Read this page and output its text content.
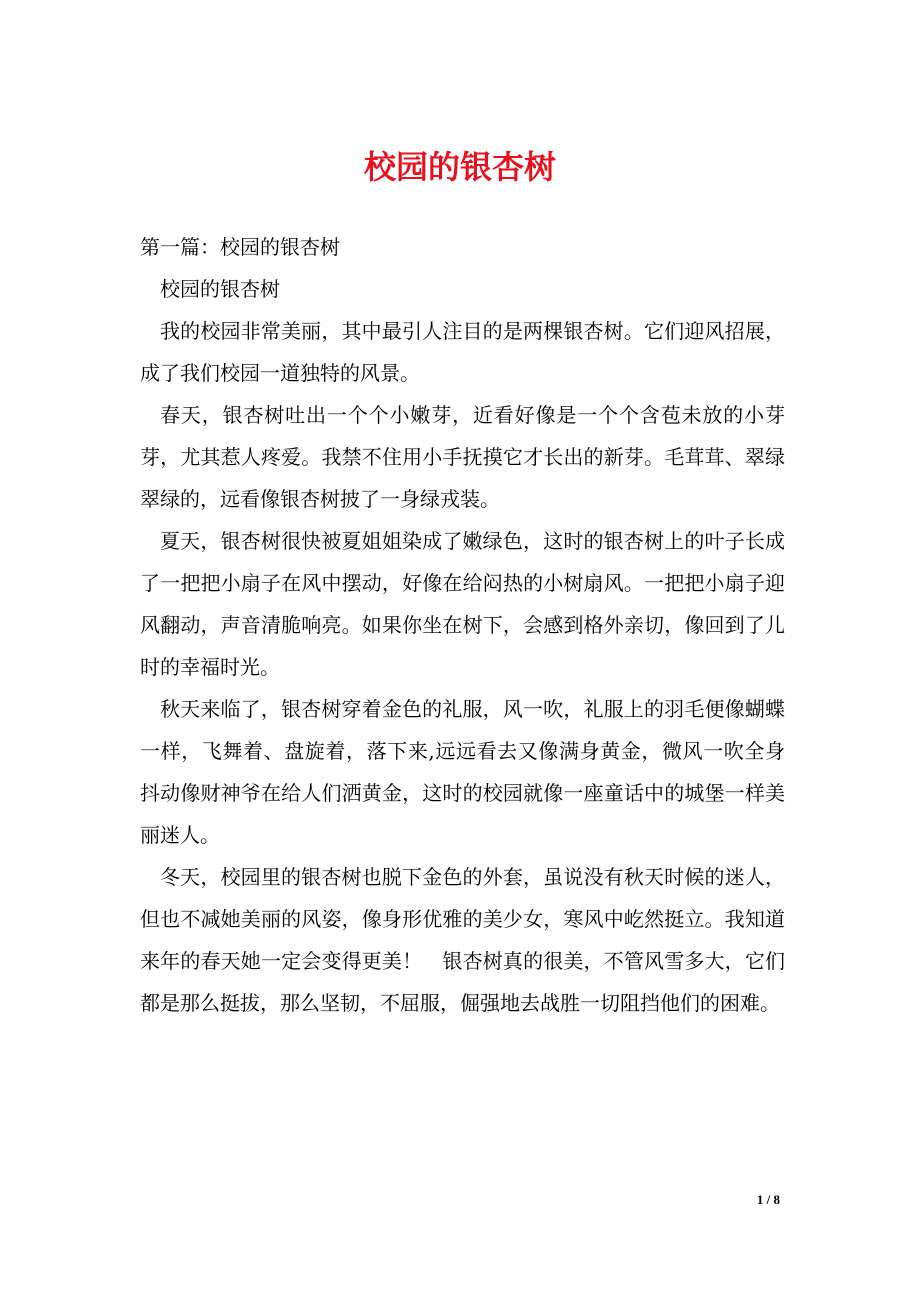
校园的银杏树

第一篇：校园的银杏树

校园的银杏树

我的校园非常美丽，其中最引人注目的是两棵银杏树。它们迎风招展，成了我们校园一道独特的风景。

春天，银杏树吐出一个个小嫩芽，近看好像是一个个含苞未放的小芽芽，尤其惹人疼爱。我禁不住用小手抚摸它才长出的新芽。毛茸茸、翠绿翠绿的，远看像银杏树披了一身绿戎装。

夏天，银杏树很快被夏姐姐染成了嫩绿色，这时的银杏树上的叶子长成了一把把小扇子在风中摆动，好像在给闷热的小树扇风。一把把小扇子迎风翻动，声音清脆响亮。如果你坐在树下，会感到格外亲切，像回到了儿时的幸福时光。

秋天来临了，银杏树穿着金色的礼服，风一吹，礼服上的羽毛便像蝴蝶一样，飞舞着、盘旋着，落下来,远远看去又像满身黄金，微风一吹全身抖动像财神爷在给人们洒黄金，这时的校园就像一座童话中的城堡一样美丽迷人。

冬天，校园里的银杏树也脱下金色的外套，虽说没有秋天时候的迷人，但也不减她美丽的风姿，像身形优雅的美少女，寒风中屹然挺立。我知道来年的春天她一定会变得更美！　银杏树真的很美，不管风雪多大，它们都是那么挺拔，那么坚韧，不屈服，倔强地去战胜一切阻挡他们的困难。

1 / 8
